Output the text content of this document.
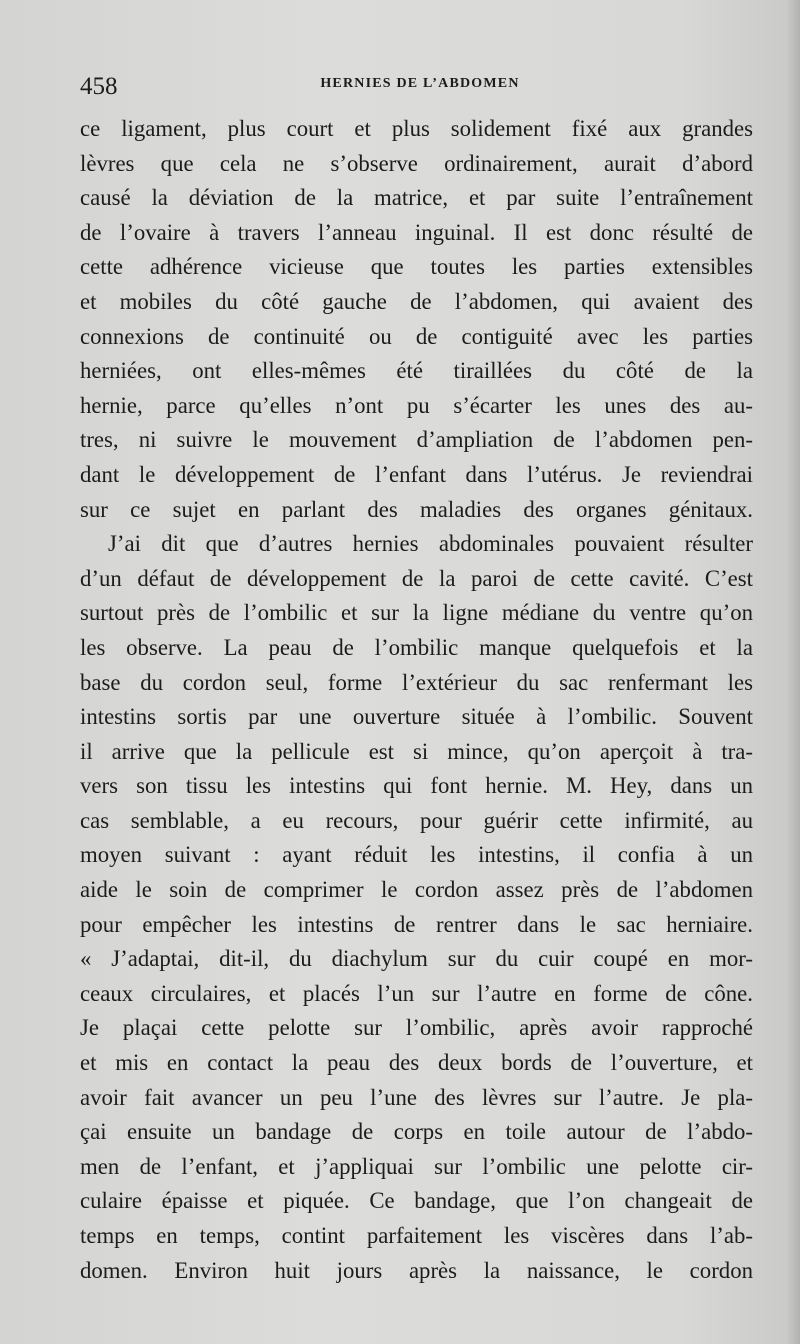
458	HERNIES DE L’ABDOMEN
ce ligament, plus court et plus solidement fixé aux grandes
lèvres que cela ne s’observe ordinairement, aurait d’abord
causé la déviation de la matrice, et par suite l’entraînement
de l’ovaire à travers l’anneau inguinal. Il est donc résulté de
cette adhérence vicieuse que toutes les parties extensibles
et mobiles du côté gauche de l’abdomen, qui avaient des
connexions de continuité ou de contiguité avec les parties
herniées, ont elles-mêmes été tiraillées du côté de la
hernie, parce qu’elles n’ont pu s’écarter les unes des au-
tres, ni suivre le mouvement d’ampliation de l’abdomen pen-
dant le développement de l’enfant dans l’utérus. Je reviendrai
sur ce sujet en parlant des maladies des organes génitaux.
J’ai dit que d’autres hernies abdominales pouvaient résulter
d’un défaut de développement de la paroi de cette cavité. C’est
surtout près de l’ombilic et sur la ligne médiane du ventre qu’on
les observe. La peau de l’ombilic manque quelquefois et la
base du cordon seul, forme l’extérieur du sac renfermant les
intestins sortis par une ouverture située à l’ombilic. Souvent
il arrive que la pellicule est si mince, qu’on aperçoit à tra-
vers son tissu les intestins qui font hernie. M. Hey, dans un
cas semblable, a eu recours, pour guérir cette infirmité, au
moyen suivant : ayant réduit les intestins, il confia à un
aide le soin de comprimer le cordon assez près de l’abdomen
pour empêcher les intestins de rentrer dans le sac herniaire.
« J’adaptai, dit-il, du diachylum sur du cuir coupé en mor-
ceaux circulaires, et placés l’un sur l’autre en forme de cône.
Je plaçai cette pelotte sur l’ombilic, après avoir rapproché
et mis en contact la peau des deux bords de l’ouverture, et
avoir fait avancer un peu l’une des lèvres sur l’autre. Je pla-
çai ensuite un bandage de corps en toile autour de l’abdo-
men de l’enfant, et j’appliquai sur l’ombilic une pelotte cir-
culaire épaisse et piquée. Ce bandage, que l’on changeait de
temps en temps, contint parfaitement les viscères dans l’ab-
domen. Environ huit jours après la naissance, le cordon
